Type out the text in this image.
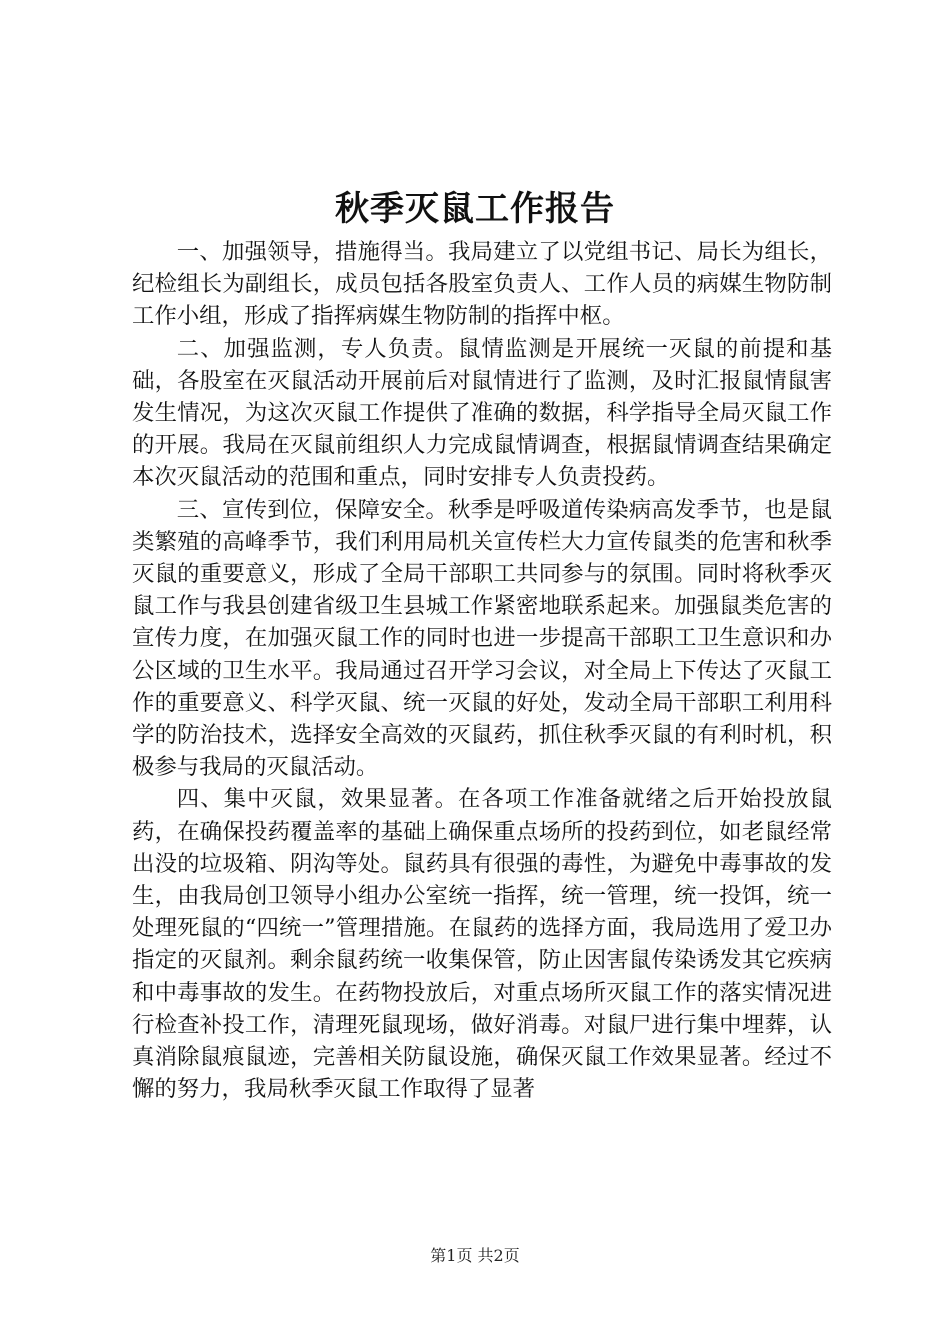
秋季灭鼠工作报告

一、加强领导，措施得当。我局建立了以党组书记、局长为组长，纪检组长为副组长，成员包括各股室负责人、工作人员的病媒生物防制工作小组，形成了指挥病媒生物防制的指挥中枢。

二、加强监测，专人负责。鼠情监测是开展统一灭鼠的前提和基础，各股室在灭鼠活动开展前后对鼠情进行了监测，及时汇报鼠情鼠害发生情况，为这次灭鼠工作提供了准确的数据，科学指导全局灭鼠工作的开展。我局在灭鼠前组织人力完成鼠情调查，根据鼠情调查结果确定本次灭鼠活动的范围和重点，同时安排专人负责投药。

三、宣传到位，保障安全。秋季是呼吸道传染病高发季节，也是鼠类繁殖的高峰季节，我们利用局机关宣传栏大力宣传鼠类的危害和秋季灭鼠的重要意义，形成了全局干部职工共同参与的氛围。同时将秋季灭鼠工作与我县创建省级卫生县城工作紧密地联系起来。加强鼠类危害的宣传力度，在加强灭鼠工作的同时也进一步提高干部职工卫生意识和办公区域的卫生水平。我局通过召开学习会议，对全局上下传达了灭鼠工作的重要意义、科学灭鼠、统一灭鼠的好处，发动全局干部职工利用科学的防治技术，选择安全高效的灭鼠药，抓住秋季灭鼠的有利时机，积极参与我局的灭鼠活动。

四、集中灭鼠，效果显著。在各项工作准备就绪之后开始投放鼠药，在确保投药覆盖率的基础上确保重点场所的投药到位，如老鼠经常出没的垃圾箱、阴沟等处。鼠药具有很强的毒性，为避免中毒事故的发生，由我局创卫领导小组办公室统一指挥，统一管理，统一投饵，统一处理死鼠的“四统一”管理措施。在鼠药的选择方面，我局选用了爱卫办指定的灭鼠剂。剩余鼠药统一收集保管，防止因害鼠传染诱发其它疾病和中毒事故的发生。在药物投放后，对重点场所灭鼠工作的落实情况进行检查补投工作，清理死鼠现场，做好消毒。对鼠尸进行集中埋葬，认真消除鼠痕鼠迹，完善相关防鼠设施，确保灭鼠工作效果显著。经过不懈的努力，我局秋季灭鼠工作取得了显著

第1页 共2页
